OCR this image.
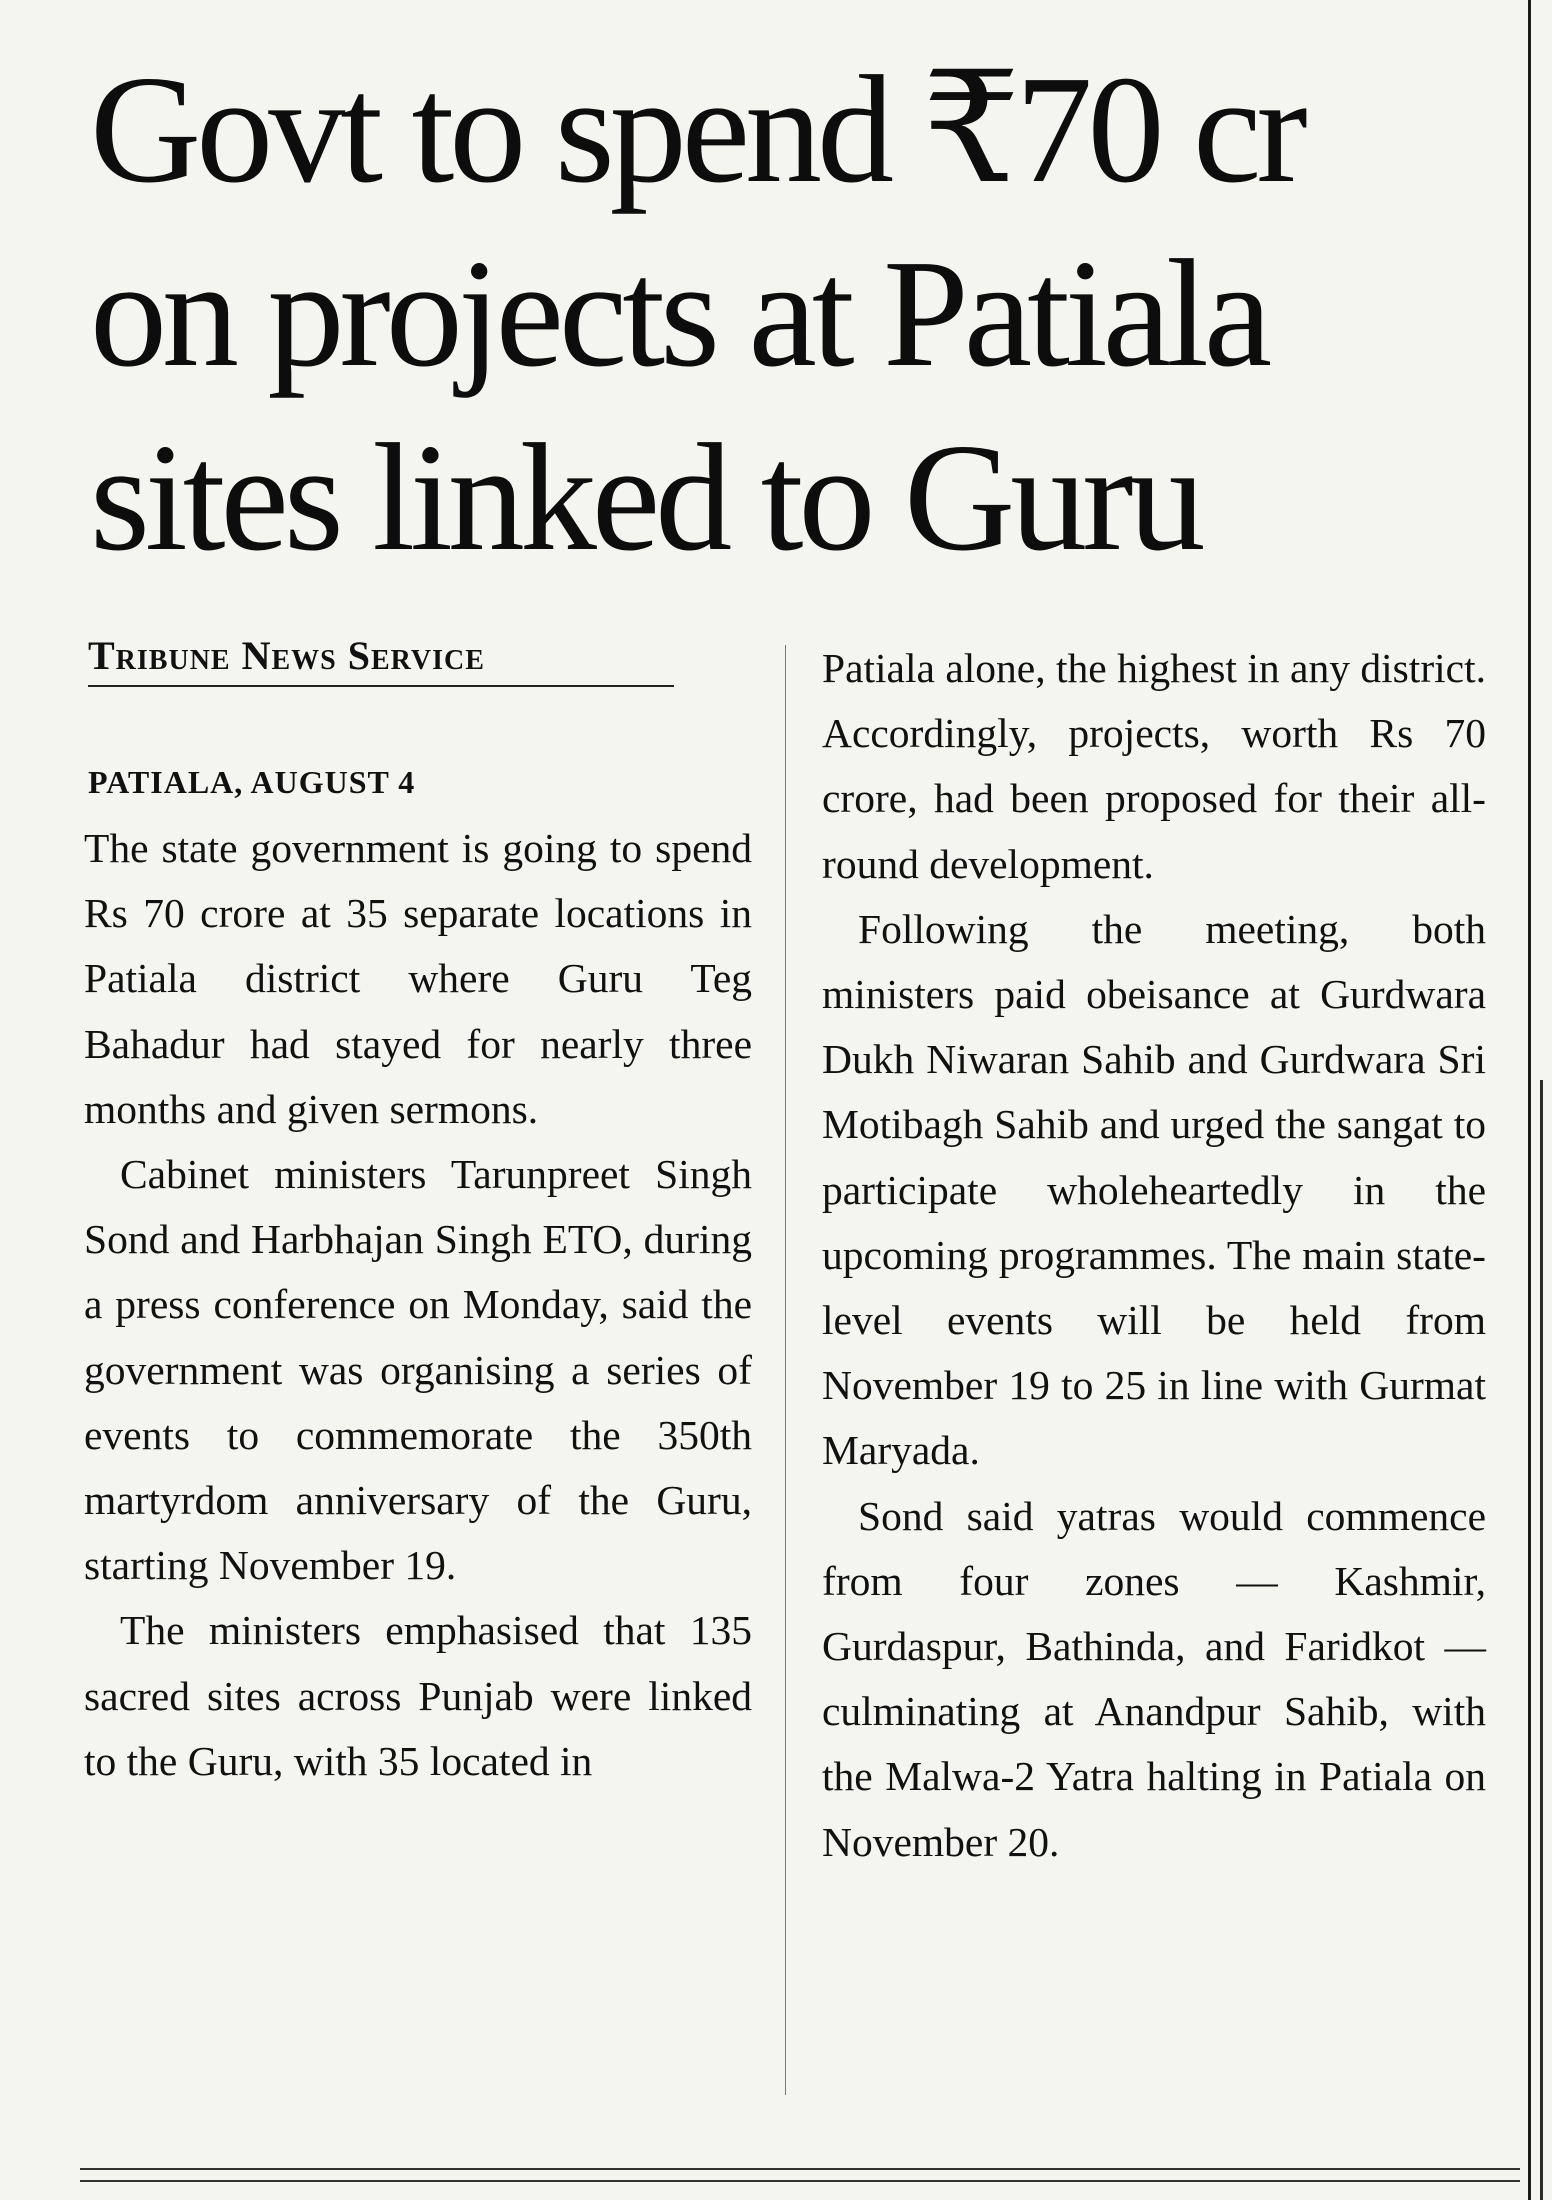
Govt to spend ₹70 cr
on projects at Patiala
sites linked to Guru
Tribune News Service
PATIALA, AUGUST 4

The state government is going to spend Rs 70 crore at 35 separate locations in Patiala district where Guru Teg Bahadur had stayed for nearly three months and given sermons.

Cabinet ministers Tarunpreet Singh Sond and Harbhajan Singh ETO, during a press conference on Monday, said the government was organising a series of events to commemorate the 350th martyrdom anniversary of the Guru, starting November 19.

The ministers emphasised that 135 sacred sites across Punjab were linked to the Guru, with 35 located in

Patiala alone, the highest in any district. Accordingly, projects, worth Rs 70 crore, had been proposed for their all-round development.

Following the meeting, both ministers paid obeisance at Gurdwara Dukh Niwaran Sahib and Gurdwara Sri Motibagh Sahib and urged the sangat to participate wholeheartedly in the upcoming programmes. The main state-level events will be held from November 19 to 25 in line with Gurmat Maryada.

Sond said yatras would commence from four zones — Kashmir, Gurdaspur, Bathinda, and Faridkot — culminating at Anandpur Sahib, with the Malwa-2 Yatra halting in Patiala on November 20.
